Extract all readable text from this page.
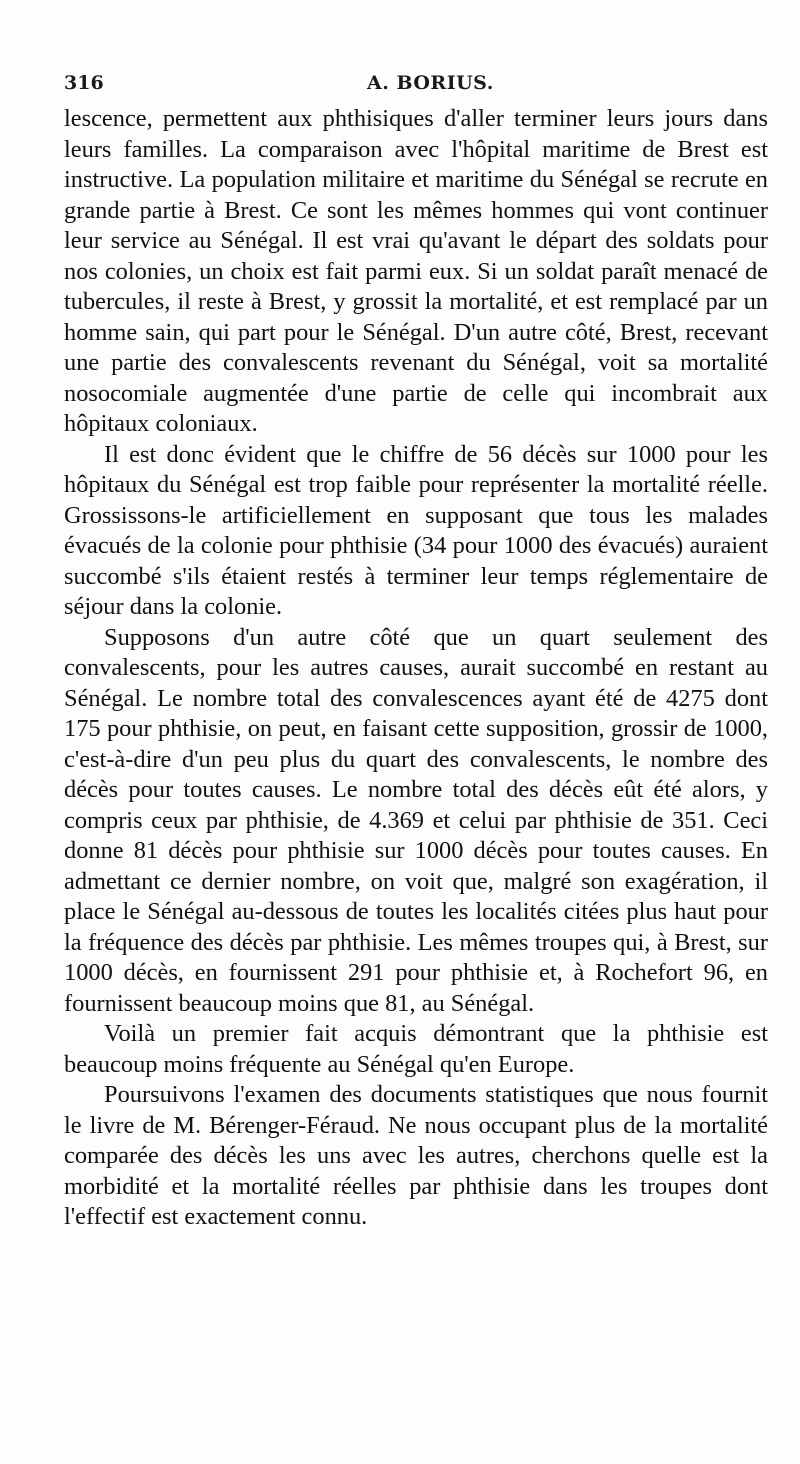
316	A. BORIUS.

lescence, permettent aux phthisiques d'aller terminer leurs jours dans leurs familles. La comparaison avec l'hôpital maritime de Brest est instructive. La population militaire et maritime du Sénégal se recrute en grande partie à Brest. Ce sont les mêmes hommes qui vont continuer leur service au Sénégal. Il est vrai qu'avant le départ des soldats pour nos colonies, un choix est fait parmi eux. Si un soldat paraît menacé de tubercules, il reste à Brest, y grossit la mortalité, et est remplacé par un homme sain, qui part pour le Sénégal. D'un autre côté, Brest, recevant une partie des convalescents revenant du Sénégal, voit sa mortalité nosocomiale augmentée d'une partie de celle qui incombrait aux hôpitaux coloniaux.

Il est donc évident que le chiffre de 56 décès sur 1000 pour les hôpitaux du Sénégal est trop faible pour représenter la mortalité réelle. Grossissons-le artificiellement en supposant que tous les malades évacués de la colonie pour phthisie (34 pour 1000 des évacués) auraient succombé s'ils étaient restés à terminer leur temps réglementaire de séjour dans la colonie.

Supposons d'un autre côté que un quart seulement des convalescents, pour les autres causes, aurait succombé en restant au Sénégal. Le nombre total des convalescences ayant été de 4275 dont 175 pour phthisie, on peut, en faisant cette supposition, grossir de 1000, c'est-à-dire d'un peu plus du quart des convalescents, le nombre des décès pour toutes causes. Le nombre total des décès eût été alors, y compris ceux par phthisie, de 4.369 et celui par phthisie de 351. Ceci donne 81 décès pour phthisie sur 1000 décès pour toutes causes. En admettant ce dernier nombre, on voit que, malgré son exagération, il place le Sénégal au-dessous de toutes les localités citées plus haut pour la fréquence des décès par phthisie. Les mêmes troupes qui, à Brest, sur 1000 décès, en fournissent 291 pour phthisie et, à Rochefort 96, en fournissent beaucoup moins que 81, au Sénégal.

Voilà un premier fait acquis démontrant que la phthisie est beaucoup moins fréquente au Sénégal qu'en Europe.

Poursuivons l'examen des documents statistiques que nous fournit le livre de M. Bérenger-Féraud. Ne nous occupant plus de la mortalité comparée des décès les uns avec les autres, cherchons quelle est la morbidité et la mortalité réelles par phthisie dans les troupes dont l'effectif est exactement connu.
